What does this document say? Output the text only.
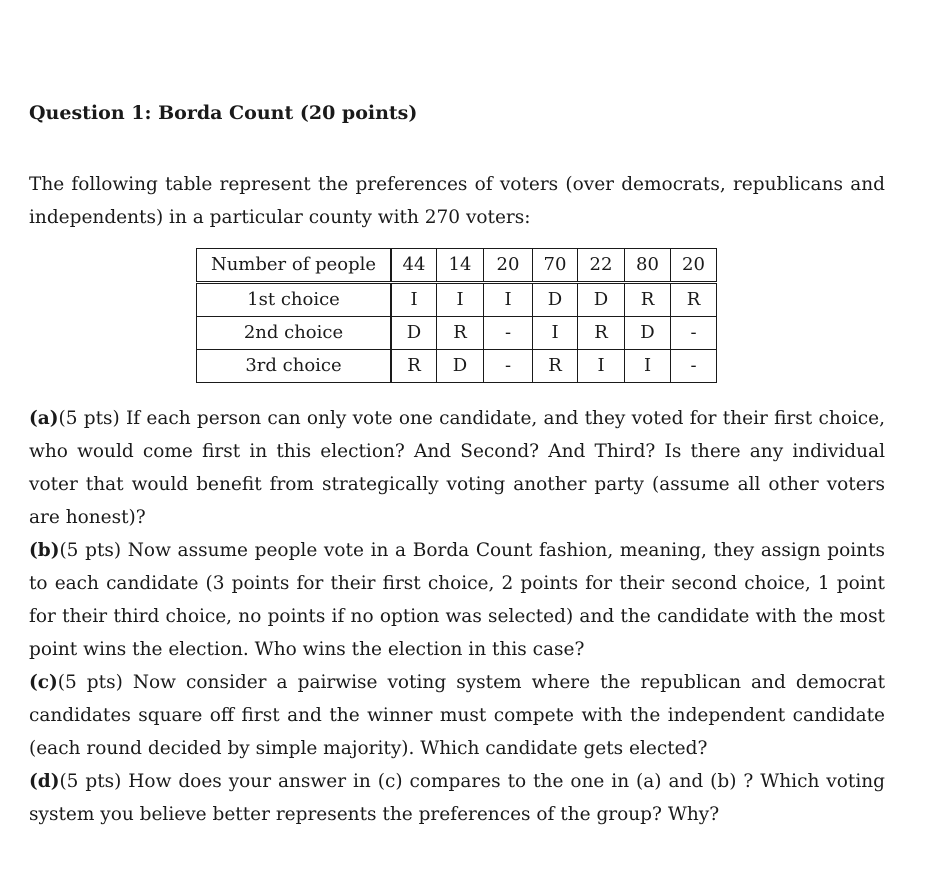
Question 1: Borda Count (20 points)
The following table represent the preferences of voters (over democrats, republicans and
independents) in a particular county with 270 voters:
Number of people	44	14	20	70	22	80	20
1st choice	I	I	I	D	D	R	R
2nd choice	D	R	-	I	R	D	-
3rd choice	R	D	-	R	I	I	-
(a)(5 pts) If each person can only vote one candidate, and they voted for their first choice, who would come first in this election? And Second? And Third? Is there any individual voter that would benefit from strategically voting another party (assume all other voters are honest)?
(b)(5 pts) Now assume people vote in a Borda Count fashion, meaning, they assign points to each candidate (3 points for their first choice, 2 points for their second choice, 1 point for their third choice, no points if no option was selected) and the candidate with the most point wins the election. Who wins the election in this case?
(c)(5 pts) Now consider a pairwise voting system where the republican and democrat candidates square off first and the winner must compete with the independent candidate (each round decided by simple majority). Which candidate gets elected?
(d)(5 pts) How does your answer in (c) compares to the one in (a) and (b) ? Which voting system you believe better represents the preferences of the group? Why?
